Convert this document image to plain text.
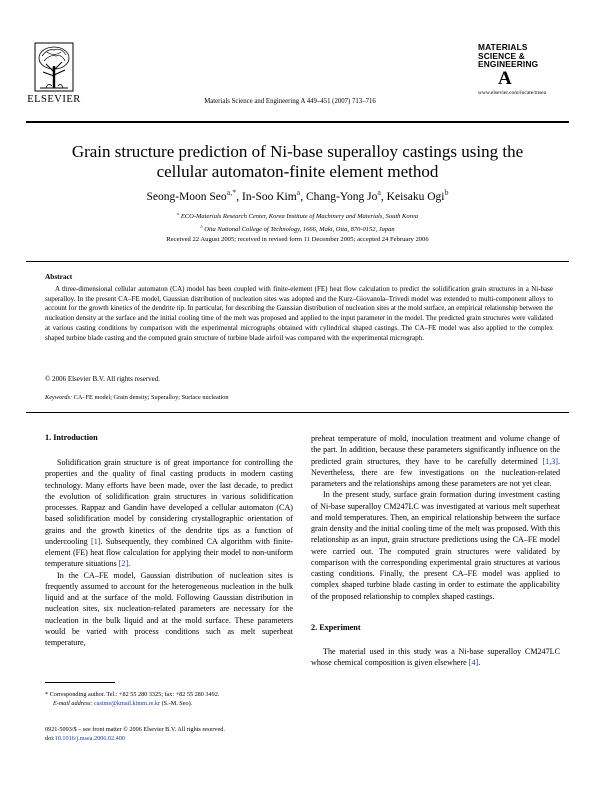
ELSEVIER	Materials Science and Engineering A 449–451 (2007) 713–716
MATERIALS
SCIENCE &
ENGINEERING
A
www.elsevier.com/locate/msea
Grain structure prediction of Ni-base superalloy castings using the
cellular automaton-finite element method
Seong-Moon Seo$^{a,*}$, In-Soo Kim$^a$, Chang-Yong Jo$^a$, Keisaku Ogi$^b$
$^a$ ECO-Materials Research Center, Korea Institute of Machinery and Materials, South Korea
$^b$ Oita National College of Technology, 1666, Maki, Oita, 870-0152, Japan
Received 22 August 2005; received in revised form 11 December 2005; accepted 24 February 2006
Abstract
A three-dimensional cellular automaton (CA) model has been coupled with finite-element (FE) heat flow calculation to predict the solidification grain structures in a Ni-base superalloy. In the present CA–FE model, Gaussian distribution of nucleation sites was adopted and the Kurz–Giovanola–Trivedi model was extended to multi-component alloys to account for the growth kinetics of the dendrite tip. In particular, for describing the Gaussian distribution of nucleation sites at the mold surface, an empirical relationship between the nucleation density at the surface and the initial cooling time of the melt was proposed and applied to the input parameter in the model. The predicted grain structures were validated at various casting conditions by comparison with the experimental micrographs obtained with cylindrical shaped castings. The CA–FE model was also applied to the complex shaped turbine blade casting and the computed grain structure of turbine blade airfoil was compared with the experimental micrograph.
© 2006 Elsevier B.V. All rights reserved.
Keywords: CA–FE model; Grain density; Superalloy; Surface nucleation
1. Introduction

Solidification grain structure is of great importance for controlling the properties and the quality of final casting products in modern casting technology. Many efforts have been made, over the last decade, to predict the evolution of solidification grain structures in various solidification processes. Rappaz and Gandin have developed a cellular automaton (CA) based solidification model by considering crystallographic orientation of grains and the growth kinetics of the dendrite tips as a function of undercooling [1]. Subsequently, they combined CA algorithm with finite-element (FE) heat flow calculation for applying their model to non-uniform temperature situations [2].

In the CA–FE model, Gaussian distribution of nucleation sites is frequently assumed to account for the heterogeneous nucleation in the bulk liquid and at the surface of the mold. Following Gaussian distribution in nucleation sites, six nucleation-related parameters are necessary for the nucleation in the bulk liquid and at the mold surface. These parameters would be varied with process conditions such as melt superheat temperature,

preheat temperature of mold, inoculation treatment and volume change of the part. In addition, because these parameters significantly influence on the predicted grain structures, they have to be carefully determined [1,3]. Nevertheless, there are few investigations on the nucleation-related parameters and the relationships among these parameters are not yet clear.

In the present study, surface grain formation during investment casting of Ni-base superalloy CM247LC was investigated at various melt superheat and mold temperatures. Then, an empirical relationship between the surface grain density and the initial cooling time of the melt was proposed. With this relationship as an input, grain structure predictions using the CA–FE model were carried out. The computed grain structures were validated by comparison with the corresponding experimental grain structures at various casting conditions. Finally, the present CA–FE model was applied to complex shaped turbine blade casting in order to estimate the applicability of the proposed relationship to complex shaped castings.

2. Experiment

The material used in this study was a Ni-base superalloy CM247LC whose chemical composition is given elsewhere [4].

* Corresponding author. Tel.: +82 55 280 3325; fax: +82 55 280 3492.
E-mail address: castme@kmail.kimm.re.kr (S.-M. Seo).
0921-5093/$ – see front matter © 2006 Elsevier B.V. All rights reserved.
doi:10.1016/j.msea.2006.02.400
